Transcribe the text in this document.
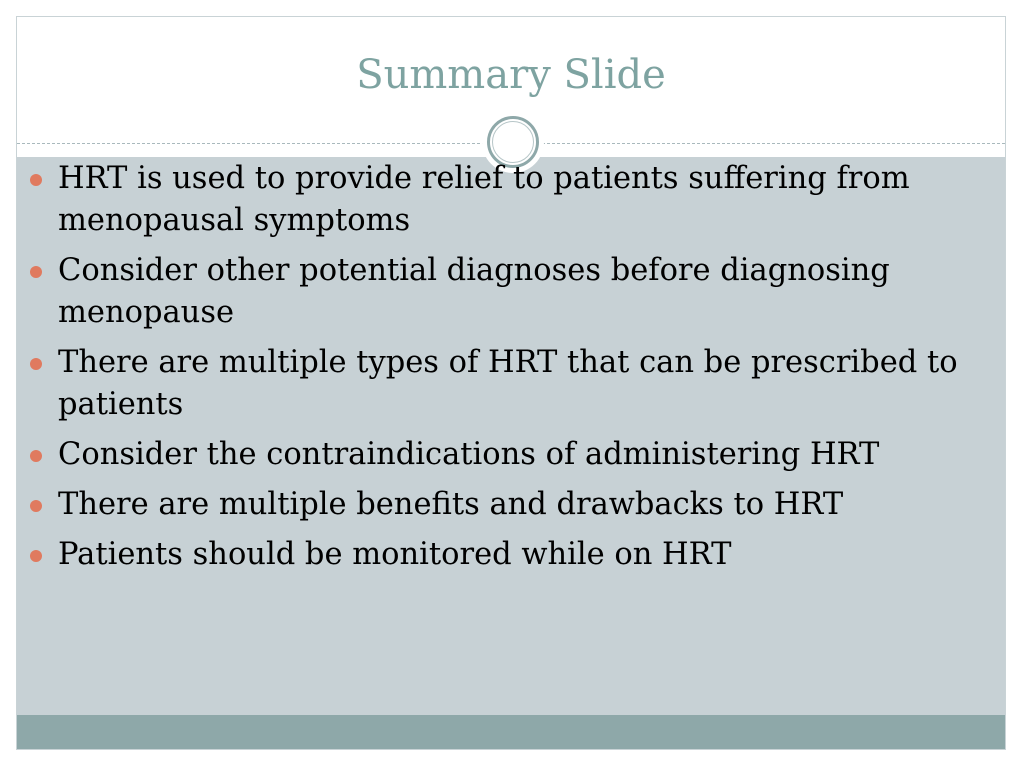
Summary Slide
HRT is used to provide relief to patients suffering from menopausal symptoms
Consider other potential diagnoses before diagnosing menopause
There are multiple types of HRT that can be prescribed to patients
Consider the contraindications of administering HRT
There are multiple benefits and drawbacks to HRT
Patients should be monitored while on HRT
